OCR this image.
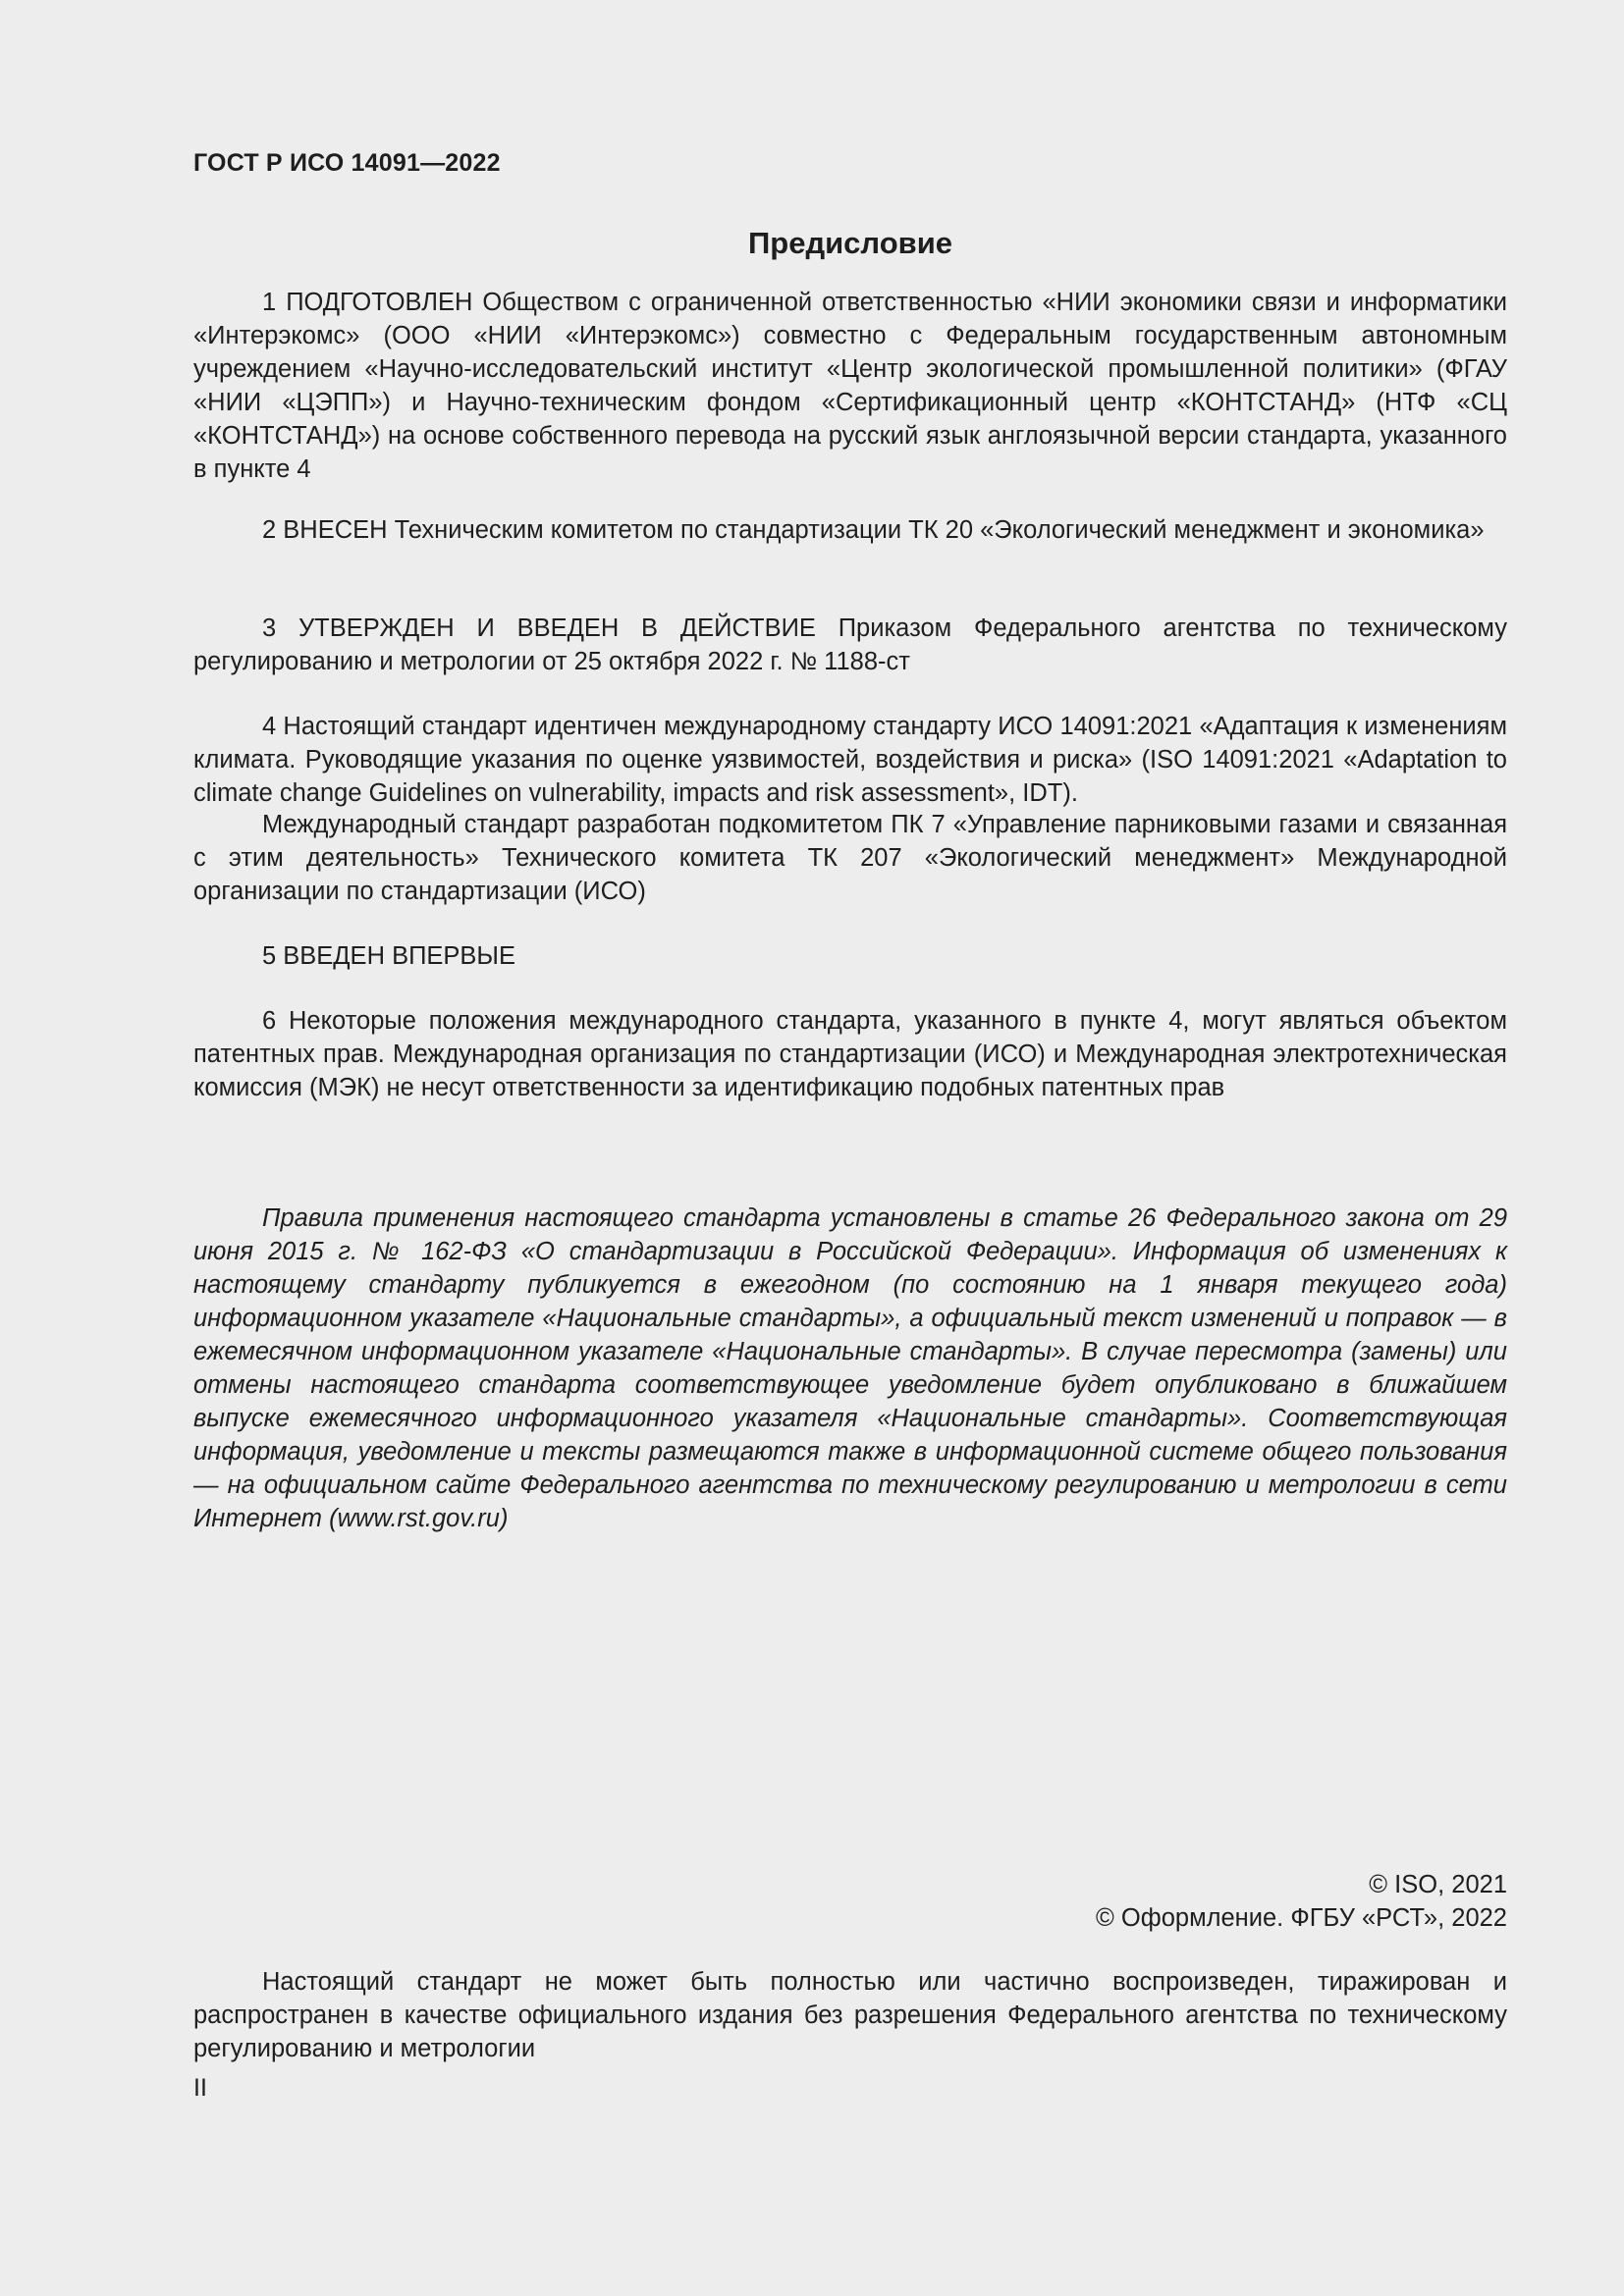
ГОСТ Р ИСО 14091—2022
Предисловие

1 ПОДГОТОВЛЕН Обществом с ограниченной ответственностью «НИИ экономики связи и информатики «Интерэкомс» (ООО «НИИ «Интерэкомс») совместно с Федеральным государственным автономным учреждением «Научно-исследовательский институт «Центр экологической промышленной политики» (ФГАУ «НИИ «ЦЭПП») и Научно-техническим фондом «Сертификационный центр «КОНТСТАНД» (НТФ «СЦ «КОНТСТАНД») на основе собственного перевода на русский язык англоязычной версии стандарта, указанного в пункте 4

2 ВНЕСЕН Техническим комитетом по стандартизации ТК 20 «Экологический менеджмент и экономика»

3 УТВЕРЖДЕН И ВВЕДЕН В ДЕЙСТВИЕ Приказом Федерального агентства по техническому регулированию и метрологии от 25 октября 2022 г. № 1188-ст

4 Настоящий стандарт идентичен международному стандарту ИСО 14091:2021 «Адаптация к изменениям климата. Руководящие указания по оценке уязвимостей, воздействия и риска» (ISO 14091:2021 «Adaptation to climate change Guidelines on vulnerability, impacts and risk assessment», IDT).

Международный стандарт разработан подкомитетом ПК 7 «Управление парниковыми газами и связанная с этим деятельность» Технического комитета ТК 207 «Экологический менеджмент» Международной организации по стандартизации (ИСО)

5 ВВЕДЕН ВПЕРВЫЕ

6 Некоторые положения международного стандарта, указанного в пункте 4, могут являться объектом патентных прав. Международная организация по стандартизации (ИСО) и Международная электротехническая комиссия (МЭК) не несут ответственности за идентификацию подобных патентных прав

Правила применения настоящего стандарта установлены в статье 26 Федерального закона от 29 июня 2015 г. № 162-ФЗ «О стандартизации в Российской Федерации». Информация об изменениях к настоящему стандарту публикуется в ежегодном (по состоянию на 1 января текущего года) информационном указателе «Национальные стандарты», а официальный текст изменений и поправок — в ежемесячном информационном указателе «Национальные стандарты». В случае пересмотра (замены) или отмены настоящего стандарта соответствующее уведомление будет опубликовано в ближайшем выпуске ежемесячного информационного указателя «Национальные стандарты». Соответствующая информация, уведомление и тексты размещаются также в информационной системе общего пользования — на официальном сайте Федерального агентства по техническому регулированию и метрологии в сети Интернет (www.rst.gov.ru)

© ISO, 2021
© Оформление. ФГБУ «РСТ», 2022

Настоящий стандарт не может быть полностью или частично воспроизведен, тиражирован и распространен в качестве официального издания без разрешения Федерального агентства по техническому регулированию и метрологии

II
